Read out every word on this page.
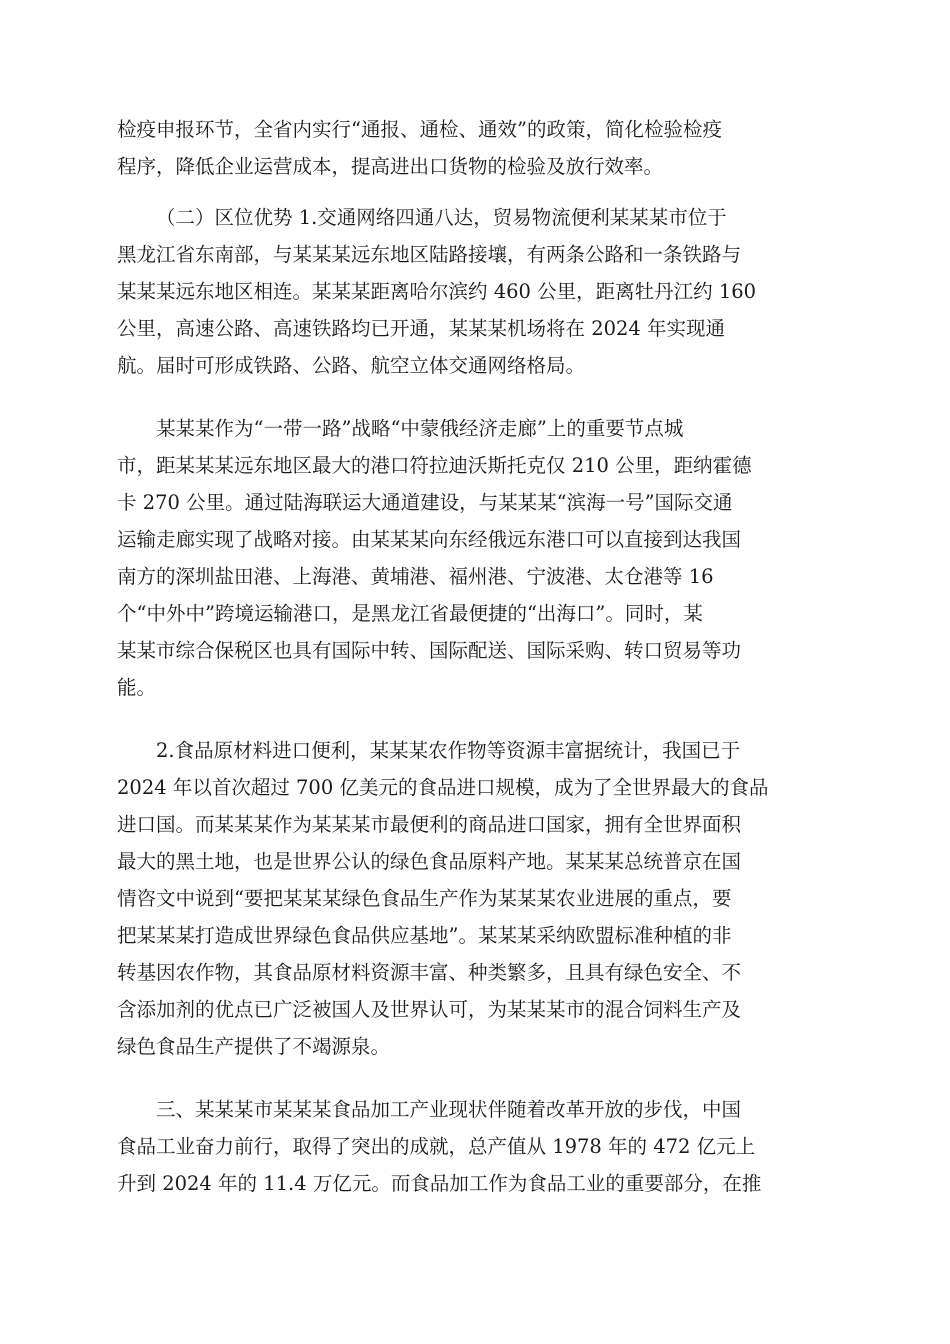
检疫申报环节，全省内实行“通报、通检、通效”的政策，简化检验检疫

程序，降低企业运营成本，提高进出口货物的检验及放行效率。

（二）区位优势 1.交通网络四通八达，贸易物流便利某某某市位于

黑龙江省东南部，与某某某远东地区陆路接壤，有两条公路和一条铁路与

某某某远东地区相连。某某某距离哈尔滨约 460 公里，距离牡丹江约 160

公里，高速公路、高速铁路均已开通，某某某机场将在 2024 年实现通

航。届时可形成铁路、公路、航空立体交通网络格局。

某某某作为“一带一路”战略“中蒙俄经济走廊”上的重要节点城

市，距某某某远东地区最大的港口符拉迪沃斯托克仅 210 公里，距纳霍德

卡 270 公里。通过陆海联运大通道建设，与某某某“滨海一号”国际交通

运输走廊实现了战略对接。由某某某向东经俄远东港口可以直接到达我国

南方的深圳盐田港、上海港、黄埔港、福州港、宁波港、太仓港等 16

个“中外中”跨境运输港口，是黑龙江省最便捷的“出海口”。同时，某

某某市综合保税区也具有国际中转、国际配送、国际采购、转口贸易等功

能。

2.食品原材料进口便利，某某某农作物等资源丰富据统计，我国已于

2024 年以首次超过 700 亿美元的食品进口规模，成为了全世界最大的食品

进口国。而某某某作为某某某市最便利的商品进口国家，拥有全世界面积

最大的黑土地，也是世界公认的绿色食品原料产地。某某某总统普京在国

情咨文中说到“要把某某某绿色食品生产作为某某某农业进展的重点，要

把某某某打造成世界绿色食品供应基地”。某某某采纳欧盟标准种植的非

转基因农作物，其食品原材料资源丰富、种类繁多，且具有绿色安全、不

含添加剂的优点已广泛被国人及世界认可，为某某某市的混合饲料生产及

绿色食品生产提供了不竭源泉。

三、某某某市某某某食品加工产业现状伴随着改革开放的步伐，中国

食品工业奋力前行，取得了突出的成就，总产值从 1978 年的 472 亿元上

升到 2024 年的 11.4 万亿元。而食品加工作为食品工业的重要部分，在推
